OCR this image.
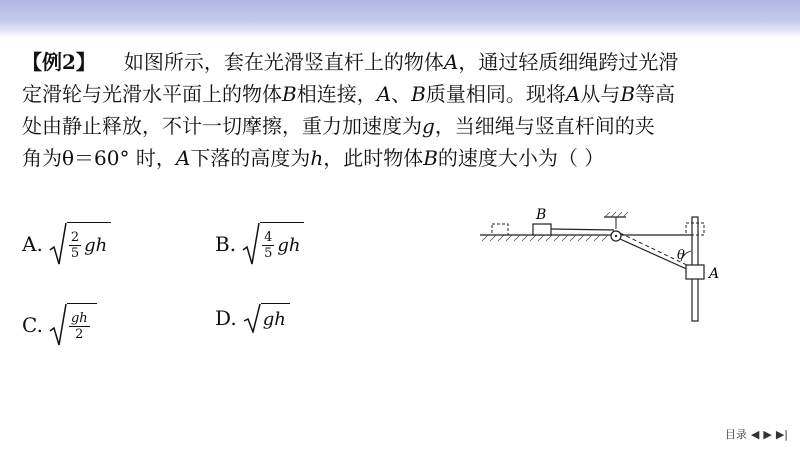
【例2】 如图所示，套在光滑竖直杆上的物体A，通过轻质细绳跨过光滑

定滑轮与光滑水平面上的物体B相连接，A、B质量相同。现将A从与B等高

处由静止释放，不计一切摩擦，重力加速度为g，当细绳与竖直杆间的夹

角为θ＝60° 时，A下落的高度为h，此时物体B的速度大小为（ ）

A. $\frac{2}{5}$ gh	B. $\frac{4}{5}$ gh
C. $\frac{gh}{2}$	D. gh
B
A
θ
目录 ◀ ▶ ▶|
